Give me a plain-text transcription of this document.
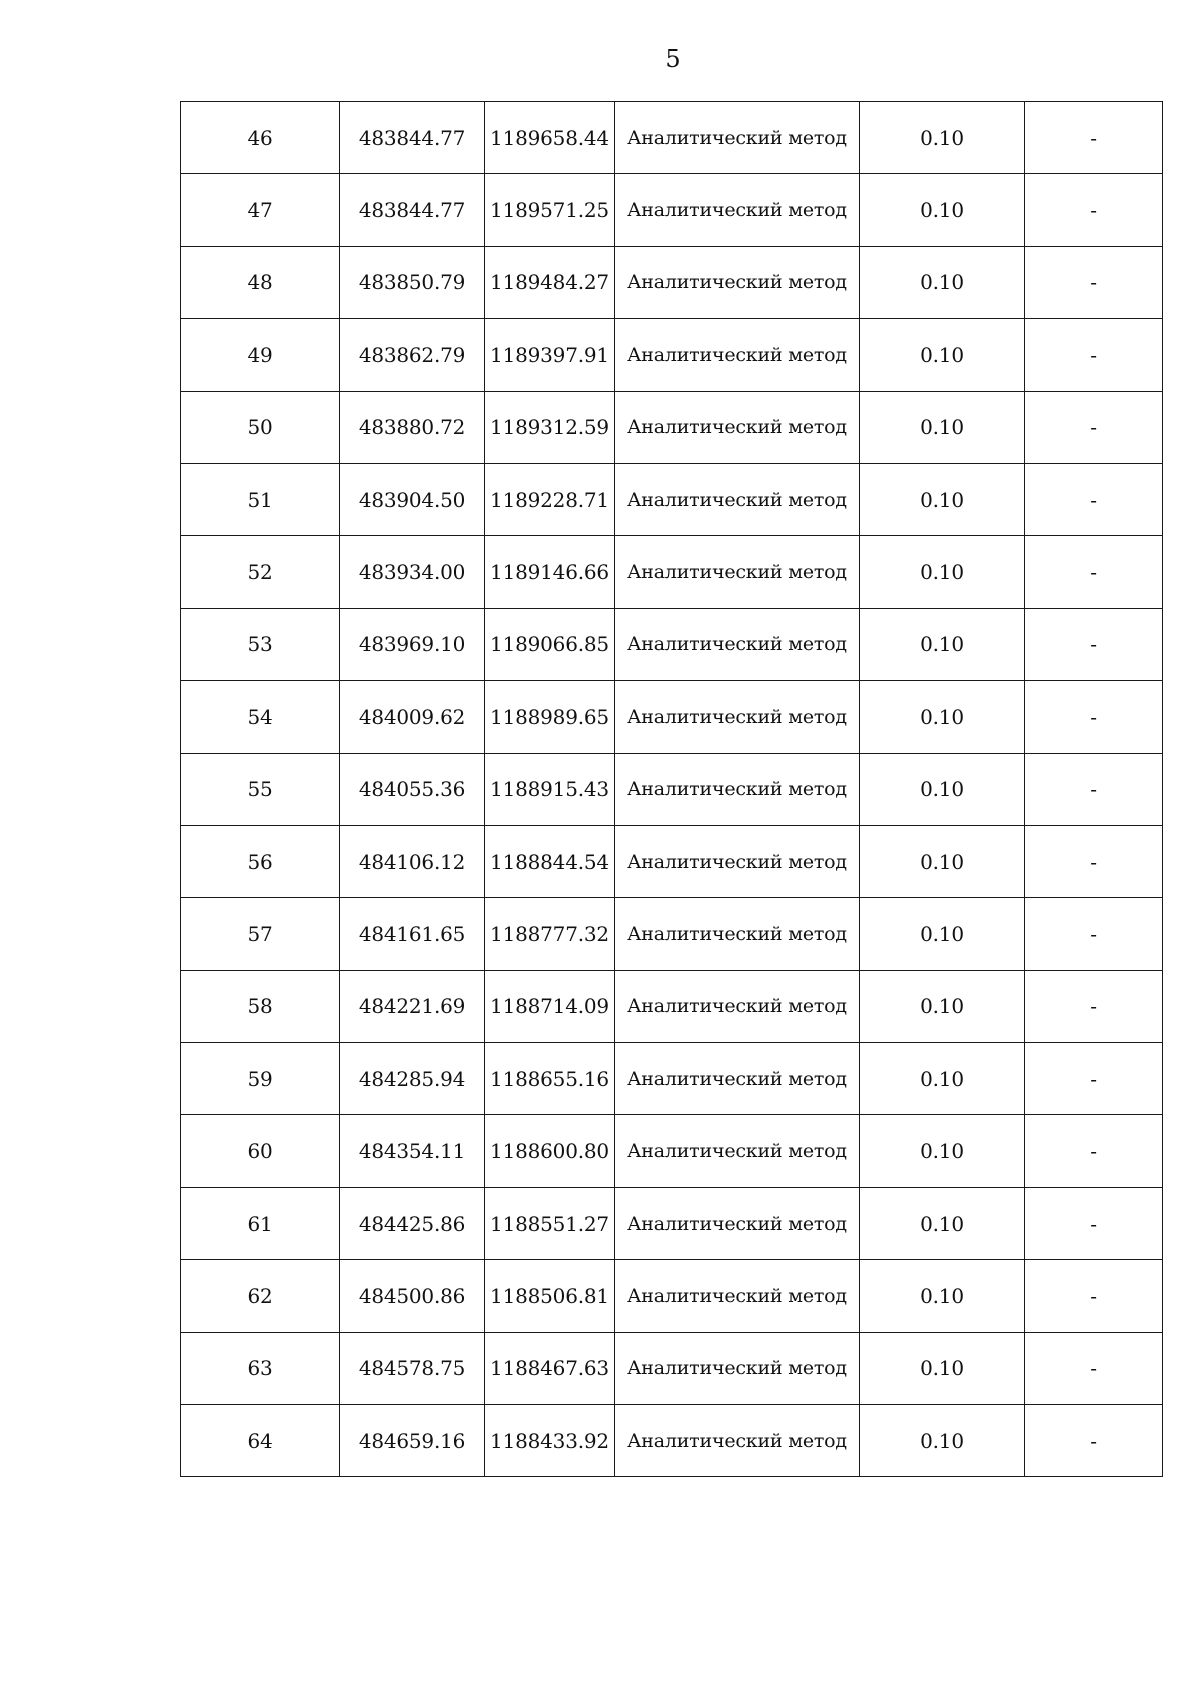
5
46	483844.77	1189658.44	Аналитический метод	0.10	-
47	483844.77	1189571.25	Аналитический метод	0.10	-
48	483850.79	1189484.27	Аналитический метод	0.10	-
49	483862.79	1189397.91	Аналитический метод	0.10	-
50	483880.72	1189312.59	Аналитический метод	0.10	-
51	483904.50	1189228.71	Аналитический метод	0.10	-
52	483934.00	1189146.66	Аналитический метод	0.10	-
53	483969.10	1189066.85	Аналитический метод	0.10	-
54	484009.62	1188989.65	Аналитический метод	0.10	-
55	484055.36	1188915.43	Аналитический метод	0.10	-
56	484106.12	1188844.54	Аналитический метод	0.10	-
57	484161.65	1188777.32	Аналитический метод	0.10	-
58	484221.69	1188714.09	Аналитический метод	0.10	-
59	484285.94	1188655.16	Аналитический метод	0.10	-
60	484354.11	1188600.80	Аналитический метод	0.10	-
61	484425.86	1188551.27	Аналитический метод	0.10	-
62	484500.86	1188506.81	Аналитический метод	0.10	-
63	484578.75	1188467.63	Аналитический метод	0.10	-
64	484659.16	1188433.92	Аналитический метод	0.10	-
